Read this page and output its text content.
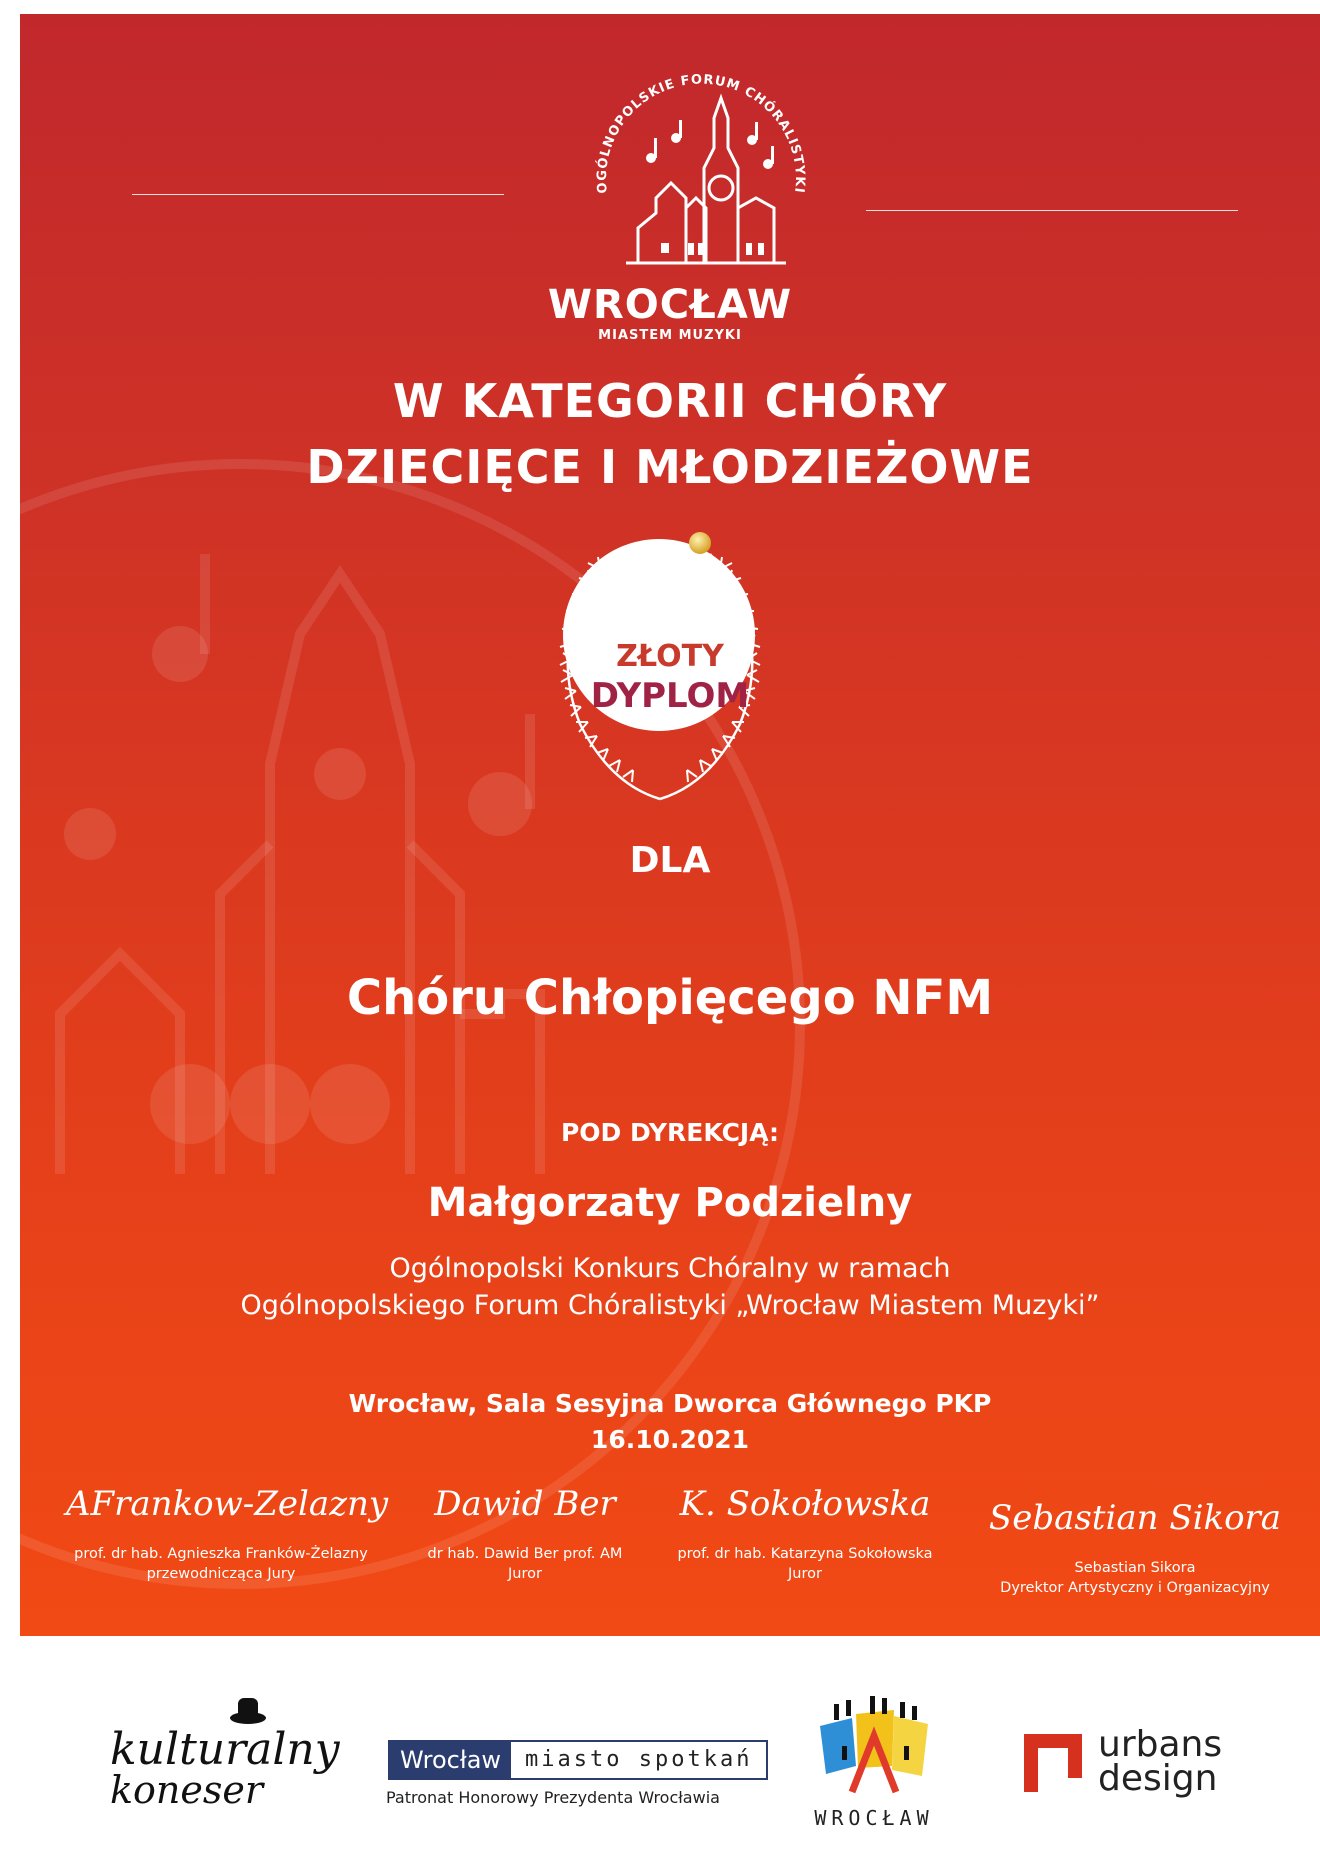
OGÓLNOPOLSKIE FORUM CHÓRALISTYKI
WROCŁAW
MIASTEM MUZYKI
W KATEGORII CHÓRY
DZIECIĘCE I MŁODZIEŻOWE
ZŁOTY
DYPLOM
DLA
Chóru Chłopięcego NFM
POD DYREKCJĄ:
Małgorzaty Podzielny
Ogólnopolski Konkurs Chóralny w ramach
Ogólnopolskiego Forum Chóralistyki „Wrocław Miastem Muzyki”
Wrocław, Sala Sesyjna Dworca Głównego PKP
16.10.2021
AFrankow-Zelazny
prof. dr hab. Agnieszka Franków-Żelazny
przewodnicząca Jury
Dawid Ber
dr hab. Dawid Ber prof. AM
Juror
K. Sokołowska
prof. dr hab. Katarzyna Sokołowska
Juror
Sebastian Sikora
Sebastian Sikora
Dyrektor Artystyczny i Organizacyjny
kulturalny
koneser
Wrocław	miasto spotkań
Patronat Honorowy Prezydenta Wrocławia
WROCŁAW
urbans
design
